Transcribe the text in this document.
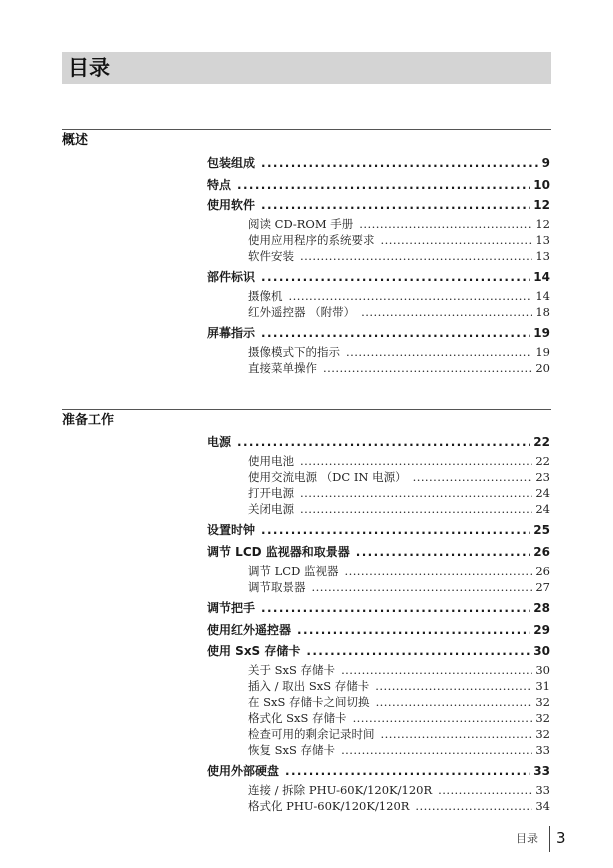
目录
概述
包装组成 . . .	9
特点 . . .	10
使用软件 . . .	12
阅读 CD-ROM 手册 . . .	12
使用应用程序的系统要求 . . .	13
软件安装 . . .	13
部件标识 . . .	14
摄像机 . . .	14
红外遥控器 （附带） . . .	18
屏幕指示 . . .	19
摄像模式下的指示 . . .	19
直接菜单操作 . . .	20
准备工作
电源 . . .	22
使用电池 . . .	22
使用交流电源 （DC IN 电源） . . .	23
打开电源 . . .	24
关闭电源 . . .	24
设置时钟 . . .	25
调节 LCD 监视器和取景器 . . .	26
调节 LCD 监视器 . . .	26
调节取景器 . . .	27
调节把手 . . .	28
使用红外遥控器 . . .	29
使用 SxS 存储卡 . . .	30
关于 SxS 存储卡 . . .	30
插入 / 取出 SxS 存储卡 . . .	31
在 SxS 存储卡之间切换 . . .	32
格式化 SxS 存储卡 . . .	32
检查可用的剩余记录时间 . . .	32
恢复 SxS 存储卡 . . .	33
使用外部硬盘 . . .	33
连接 / 拆除 PHU-60K/120K/120R . . .	33
格式化 PHU-60K/120K/120R . . .	34
目录 3
